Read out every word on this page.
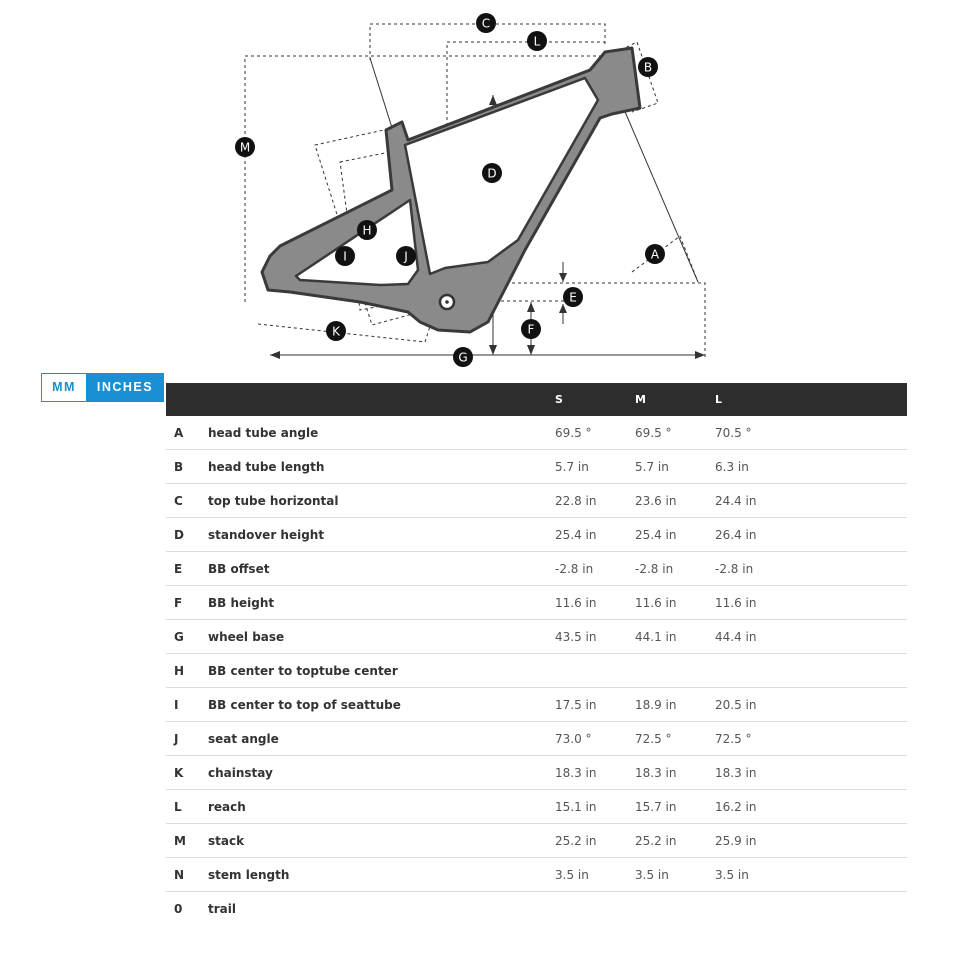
C
L
B
M
D
H
I	J	A
E
F
K
G
MM	INCHES
S	M	L
A head tube angle	69.5 °	69.5 °	70.5 °
B head tube length	5.7 in	5.7 in	6.3 in
C top tube horizontal	22.8 in	23.6 in	24.4 in
D standover height	25.4 in	25.4 in	26.4 in
E BB offset	-2.8 in	-2.8 in	-2.8 in
F BB height	11.6 in	11.6 in	11.6 in
G wheel base	43.5 in	44.1 in	44.4 in
H BB center to toptube center
I BB center to top of seattube	17.5 in	18.9 in	20.5 in
J seat angle	73.0 °	72.5 °	72.5 °
K chainstay	18.3 in	18.3 in	18.3 in
L reach	15.1 in	15.7 in	16.2 in
M stack	25.2 in	25.2 in	25.9 in
N stem length	3.5 in	3.5 in	3.5 in
0 trail
